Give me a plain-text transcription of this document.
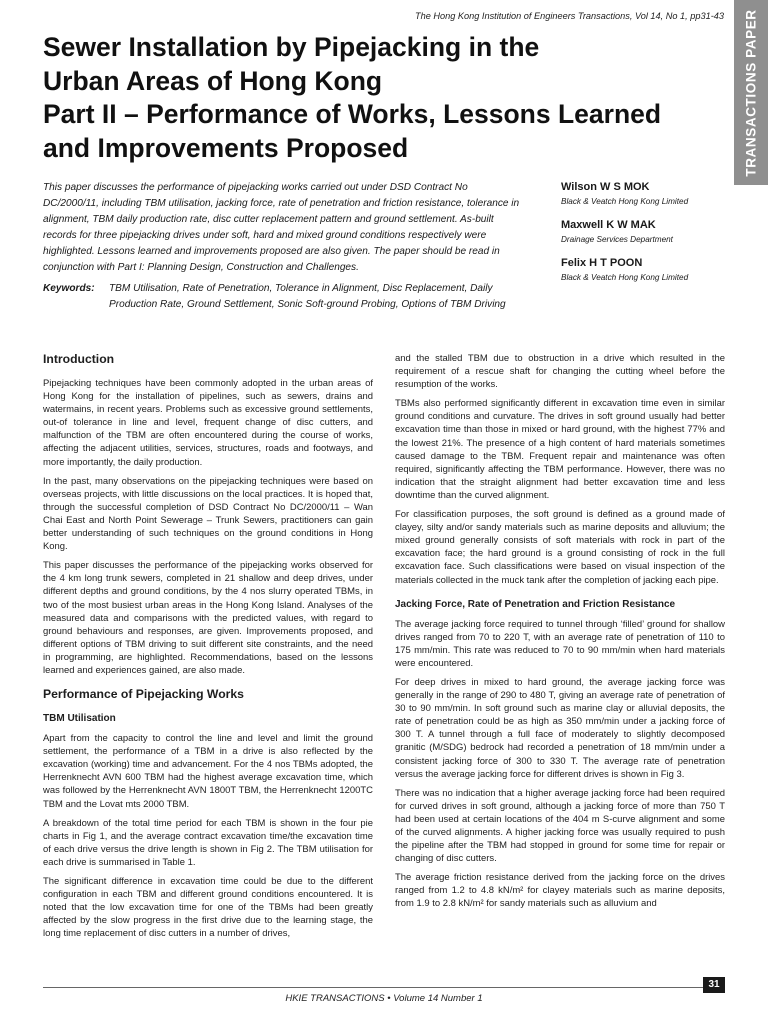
The Hong Kong Institution of Engineers Transactions, Vol 14, No 1, pp31-43 TRANSACTIONS PAPER
Sewer Installation by Pipejacking in the
Urban Areas of Hong Kong
Part II – Performance of Works, Lessons Learned
and Improvements Proposed

This paper discusses the performance of pipejacking works carried out under DSD Contract No DC/2000/11, including TBM utilisation, jacking force, rate of penetration and friction resistance, tolerance in alignment, TBM daily production rate, disc cutter replacement pattern and ground settlement. As-built records for three pipejacking drives under soft, hard and mixed ground conditions respectively were highlighted. Lessons learned and improvements proposed are also given. The paper should be read in conjunction with Part I: Planning Design, Construction and Challenges.

Keywords:	TBM Utilisation, Rate of Penetration, Tolerance in Alignment, Disc Replacement, Daily Production Rate, Ground Settlement, Sonic Soft-ground Probing, Options of TBM Driving
Wilson W S MOK
Black & Veatch Hong Kong Limited
Maxwell K W MAK
Drainage Services Department
Felix H T POON
Black & Veatch Hong Kong Limited
Introduction

Pipejacking techniques have been commonly adopted in the urban areas of Hong Kong for the installation of pipelines, such as sewers, drains and watermains, in recent years. Problems such as excessive ground settlements, out-of tolerance in line and level, frequent change of disc cutters, and malfunction of the TBM are often encountered during the course of works, affecting the adjacent utilities, services, structures, roads and footways, and more importantly, the daily production.

In the past, many observations on the pipejacking techniques were based on overseas projects, with little discussions on the local practices. It is hoped that, through the successful completion of DSD Contract No DC/2000/11 – Wan Chai East and North Point Sewerage – Trunk Sewers, practitioners can gain better understanding of such techniques on the ground conditions in Hong Kong.

This paper discusses the performance of the pipejacking works observed for the 4 km long trunk sewers, completed in 21 shallow and deep drives, under different depths and ground conditions, by the 4 nos slurry operated TBMs, in two of the most busiest urban areas in the Hong Kong Island. Analyses of the measured data and comparisons with the predicted values, with regard to ground behaviours and responses, are given. Improvements proposed, and different options of TBM driving to suit different site constraints, and the need in programming, are highlighted. Recommendations, based on the lessons learned and experiences gained, are also made.

Performance of Pipejacking Works
TBM Utilisation

Apart from the capacity to control the line and level and limit the ground settlement, the performance of a TBM in a drive is also reflected by the excavation (working) time and advancement. For the 4 nos TBMs adopted, the Herrenknecht AVN 600 TBM had the highest average excavation time, which was followed by the Herrenknecht AVN 1800T TBM, the Herrenknecht 1200TC TBM and the Lovat mts 2000 TBM.

A breakdown of the total time period for each TBM is shown in the four pie charts in Fig 1, and the average contract excavation time/the excavation time of each drive versus the drive length is shown in Fig 2. The TBM utilisation for each drive is summarised in Table 1.

The significant difference in excavation time could be due to the different configuration in each TBM and different ground conditions encountered. It is noted that the low excavation time for one of the TBMs had been greatly affected by the slow progress in the first drive due to the learning stage, the long time replacement of disc cutters in a number of drives,

and the stalled TBM due to obstruction in a drive which resulted in the requirement of a rescue shaft for changing the cutting wheel before the resumption of the works.

TBMs also performed significantly different in excavation time even in similar ground conditions and curvature. The drives in soft ground usually had better excavation time than those in mixed or hard ground, with the highest 77% and the lowest 21%. The presence of a high content of hard materials sometimes caused damage to the TBM. Frequent repair and maintenance was often required, significantly affecting the TBM performance. However, there was no indication that the straight alignment had better excavation time and less downtime than the curved alignment.

For classification purposes, the soft ground is defined as a ground made of clayey, silty and/or sandy materials such as marine deposits and alluvium; the mixed ground generally consists of soft materials with rock in part of the excavation face; the hard ground is a ground consisting of rock in the full excavation face. Such classifications were based on visual inspection of the materials collected in the muck tank after the completion of jacking each pipe.

Jacking Force, Rate of Penetration and Friction Resistance

The average jacking force required to tunnel through ‘filled’ ground for shallow drives ranged from 70 to 220 T, with an average rate of penetration of 110 to 175 mm/min. This rate was reduced to 70 to 90 mm/min when hard materials were encountered.

For deep drives in mixed to hard ground, the average jacking force was generally in the range of 290 to 480 T, giving an average rate of penetration of 30 to 90 mm/min. In soft ground such as marine clay or alluvial deposits, the rate of penetration could be as high as 350 mm/min under a jacking force of 300 T. A tunnel through a full face of moderately to slightly decomposed granitic (M/SDG) bedrock had recorded a penetration of 18 mm/min under a consistent jacking force of 300 to 330 T. The average rate of penetration versus the average jacking force for different drives is shown in Fig 3.

There was no indication that a higher average jacking force had been required for curved drives in soft ground, although a jacking force of more than 750 T had been used at certain locations of the 404 m S-curve alignment and some of the curved alignments. A higher jacking force was usually required to push the pipeline after the TBM had stopped in ground for some time for repair or changing of disc cutters.

The average friction resistance derived from the jacking force on the drives ranged from 1.2 to 4.8 kN/m² for clayey materials such as marine deposits, from 1.9 to 2.8 kN/m² for sandy materials such as alluvium and

HKIE TRANSACTIONS • Volume 14 Number 1
31
